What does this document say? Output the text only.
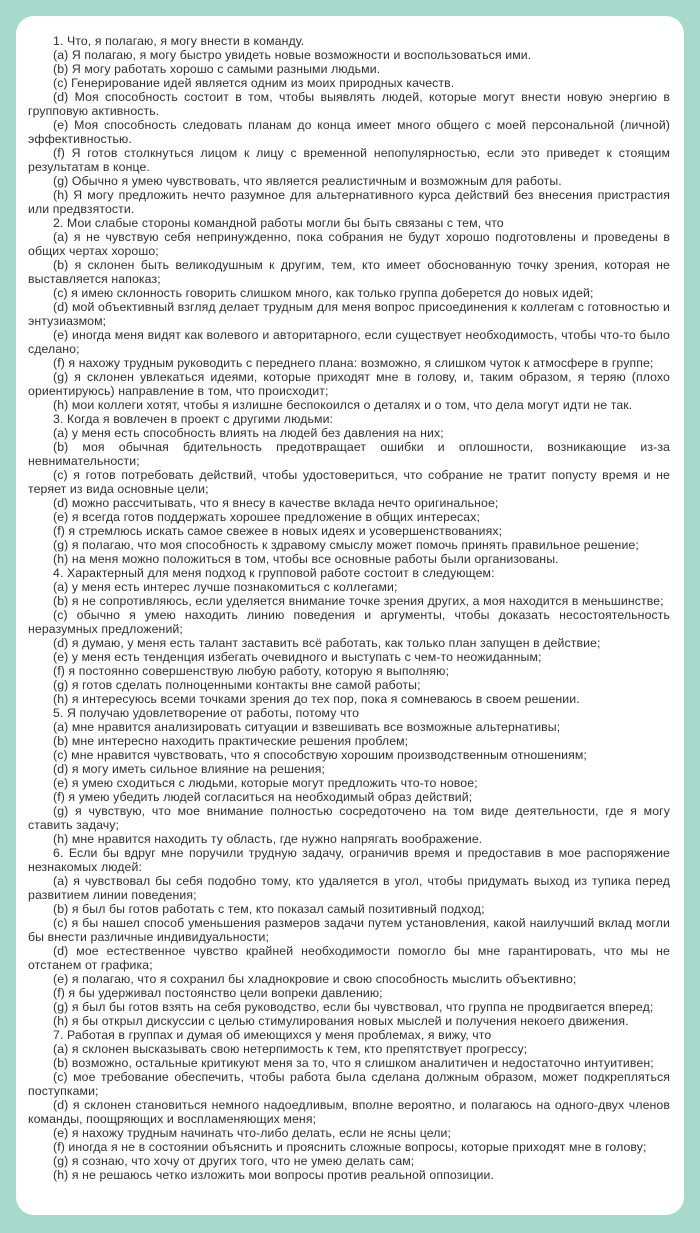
1. Что, я полагаю, я могу внести в команду.

(a) Я полагаю, я могу быстро увидеть новые возможности и воспользоваться ими.

(b) Я могу работать хорошо с самыми разными людьми.

(c) Генерирование идей является одним из моих природных качеств.

(d) Моя способность состоит в том, чтобы выявлять людей, которые могут внести новую энергию в групповую активность.

(e) Моя способность следовать планам до конца имеет много общего с моей персональной (личной) эффективностью.

(f) Я готов столкнуться лицом к лицу с временной непопулярностью, если это приведет к стоящим результатам в конце.

(g) Обычно я умею чувствовать, что является реалистичным и возможным для работы.

(h) Я могу предложить нечто разумное для альтернативного курса действий без внесения пристрастия или предвзятости.

2. Мои слабые стороны командной работы могли бы быть связаны с тем, что

(a) я не чувствую себя непринужденно, пока собрания не будут хорошо подготовлены и проведены в общих чертах хорошо;

(b) я склонен быть великодушным к другим, тем, кто имеет обоснованную точку зрения, которая не выставляется напоказ;

(c) я имею склонность говорить слишком много, как только группа доберется до новых идей;

(d) мой объективный взгляд делает трудным для меня вопрос присоединения к коллегам с готовностью и энтузиазмом;

(e) иногда меня видят как волевого и авторитарного, если существует необходимость, чтобы что-то было сделано;

(f) я нахожу трудным руководить с переднего плана: возможно, я слишком чуток к атмосфере в группе;

(g) я склонен увлекаться идеями, которые приходят мне в голову, и, таким образом, я теряю (плохо ориентируюсь) направление в том, что происходит;

(h) мои коллеги хотят, чтобы я излишне беспокоился о деталях и о том, что дела могут идти не так.

3. Когда я вовлечен в проект с другими людьми:

(a) у меня есть способность влиять на людей без давления на них;

(b) моя обычная бдительность предотвращает ошибки и оплошности, возникающие из-за невнимательности;

(c) я готов потребовать действий, чтобы удостовериться, что собрание не тратит попусту время и не теряет из вида основные цели;

(d) можно рассчитывать, что я внесу в качестве вклада нечто оригинальное;

(e) я всегда готов поддержать хорошее предложение в общих интересах;

(f) я стремлюсь искать самое свежее в новых идеях и усовершенствованиях;

(g) я полагаю, что моя способность к здравому смыслу может помочь принять правильное решение;

(h) на меня можно положиться в том, чтобы все основные работы были организованы.

4. Характерный для меня подход к групповой работе состоит в следующем:

(a) у меня есть интерес лучше познакомиться с коллегами;

(b) я не сопротивляюсь, если уделяется внимание точке зрения других, а моя находится в меньшинстве;

(c) обычно я умею находить линию поведения и аргументы, чтобы доказать несостоятельность неразумных предложений;

(d) я думаю, у меня есть талант заставить всё работать, как только план запущен в действие;

(e) у меня есть тенденция избегать очевидного и выступать с чем-то неожиданным;

(f) я постоянно совершенствую любую работу, которую я выполняю;

(g) я готов сделать полноценными контакты вне самой работы;

(h) я интересуюсь всеми точками зрения до тех пор, пока я сомневаюсь в своем решении.

5. Я получаю удовлетворение от работы, потому что

(a) мне нравится анализировать ситуации и взвешивать все возможные альтернативы;

(b) мне интересно находить практические решения проблем;

(c) мне нравится чувствовать, что я способствую хорошим производственным отношениям;

(d) я могу иметь сильное влияние на решения;

(e) я умею сходиться с людьми, которые могут предложить что-то новое;

(f) я умею убедить людей согласиться на необходимый образ действий;

(g) я чувствую, что мое внимание полностью сосредоточено на том виде деятельности, где я могу ставить задачу;

(h) мне нравится находить ту область, где нужно напрягать воображение.

6. Если бы вдруг мне поручили трудную задачу, ограничив время и предоставив в мое распоряжение незнакомых людей:

(a) я чувствовал бы себя подобно тому, кто удаляется в угол, чтобы придумать выход из тупика перед развитием линии поведения;

(b) я был бы готов работать с тем, кто показал самый позитивный подход;

(c) я бы нашел способ уменьшения размеров задачи путем установления, какой наилучший вклад могли бы внести различные индивидуальности;

(d) мое естественное чувство крайней необходимости помогло бы мне гарантировать, что мы не отстанем от графика;

(e) я полагаю, что я сохранил бы хладнокровие и свою способность мыслить объективно;

(f) я бы удерживал постоянство цели вопреки давлению;

(g) я был бы готов взять на себя руководство, если бы чувствовал, что группа не продвигается вперед;

(h) я бы открыл дискуссии с целью стимулирования новых мыслей и получения некоего движения.

7. Работая в группах и думая об имеющихся у меня проблемах, я вижу, что

(a) я склонен высказывать свою нетерпимость к тем, кто препятствует прогрессу;

(b) возможно, остальные критикуют меня за то, что я слишком аналитичен и недостаточно интуитивен;

(c) мое требование обеспечить, чтобы работа была сделана должным образом, может подкрепляться поступками;

(d) я склонен становиться немного надоедливым, вполне вероятно, и полагаюсь на одного-двух членов команды, поощряющих и воспламеняющих меня;

(e) я нахожу трудным начинать что-либо делать, если не ясны цели;

(f) иногда я не в состоянии объяснить и прояснить сложные вопросы, которые приходят мне в голову;

(g) я сознаю, что хочу от других того, что не умею делать сам;

(h) я не решаюсь четко изложить мои вопросы против реальной оппозиции.
